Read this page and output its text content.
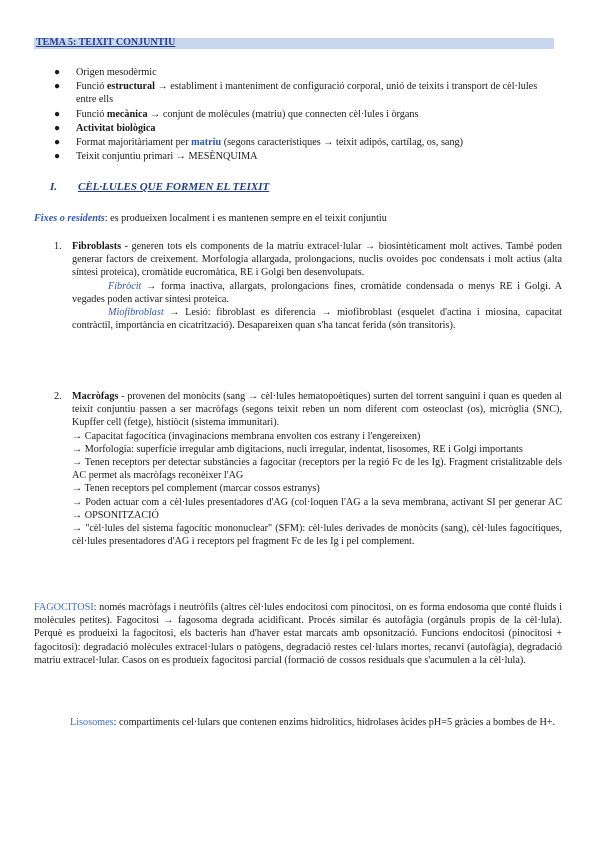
TEMA 5: TEIXIT CONJUNTIU
● Origen mesodèrmic
● Funció estructural → establiment i manteniment de configuració corporal, unió de teixits i transport de cèl·lules entre ells
● Funció mecànica → conjunt de molècules (matriu) que connecten cèl·lules i òrgans
● Activitat biològica
● Format majoritàriament per matriu (segons característiques → teixit adipós, cartílag, os, sang)
● Teixit conjuntiu primari → MESÈNQUIMA
I. CÈL·LULES QUE FORMEN EL TEIXIT
Fixes o residents: es produeixen localment i es mantenen sempre en el teixit conjuntiu
1. Fibroblasts - generen tots els components de la matriu extracel·lular → biosintèticament molt actives. També poden generar factors de creixement. Morfologia allargada, prolongacions, nuclis ovoides poc condensats i molt actius (alta síntesi proteica), cromàtide eucromàtica, RE i Golgi ben desenvolupats.

Fibròcit → forma inactiva, allargats, prolongacions fines, cromàtide condensada o menys RE i Golgi. A vegades poden activar síntesi proteica.

Miofibroblast → Lesió: fibroblast es diferencia → miofibroblast (esquelet d'actina i miosina, capacitat contràctil, importància en cicatrització). Desapareixen quan s'ha tancat ferida (són transitoris).

2. Macròfags - provenen del monòcits (sang → cèl·lules hematopoètiques) surten del torrent sanguini i quan es queden al teixit conjuntiu passen a ser macròfags (segons teixit reben un nom diferent com osteoclast (os), micròglia (SNC), Kupffer cell (fetge), histiòcit (sistema immunitari).

→ Capacitat fagocítica (invaginacions membrana envolten cos estrany i l'engereixen)

→ Morfologia: superfície irregular amb digitacions, nucli irregular, indentat, lisosomes, RE i Golgi importants

→ Tenen receptors per detectar substàncies a fagocitar (receptors per la regió Fc de les Ig). Fragment cristalitzable dels AC permet als macròfags reconèixer l'AG

→ Tenen receptors pel complement (marcar cossos estranys)

→ Poden actuar com a cèl·lules presentadores d'AG (col·loquen l'AG a la seva membrana, activant SI per generar AC → OPSONITZACIÓ

→ "cèl·lules del sistema fagocític mononuclear" (SFM): cèl·lules derivades de monòcits (sang), cèl·lules fagocítiques, cèl·lules presentadores d'AG i receptors pel fragment Fc de les Ig i pel complement.

FAGOCITOSI: només macròfags i neutròfils (altres cèl·lules endocitosi com pinocitosi, on es forma endosoma que conté fluids i molècules petites). Fagocitosi → fagosoma degrada acidificant. Procés similar és autofàgia (orgànuls propis de la cèl·lula). Perquè es produeixi la fagocitosi, els bacteris han d'haver estat marcats amb opsonització. Funcions endocitosi (pinocitosi + fagocitosi): degradació molècules extracel·lulars o patògens, degradació restes cel·lulars mortes, recanvi (autofàgia), degradació matriu extracel·lular. Casos on es produeix fagocitosi parcial (formació de cossos residuals que s'acumulen a la cèl·lula).
Lisosomes: compartiments cel·lulars que contenen enzims hidrolítics, hidrolases àcides pH=5 gràcies a bombes de H+.
